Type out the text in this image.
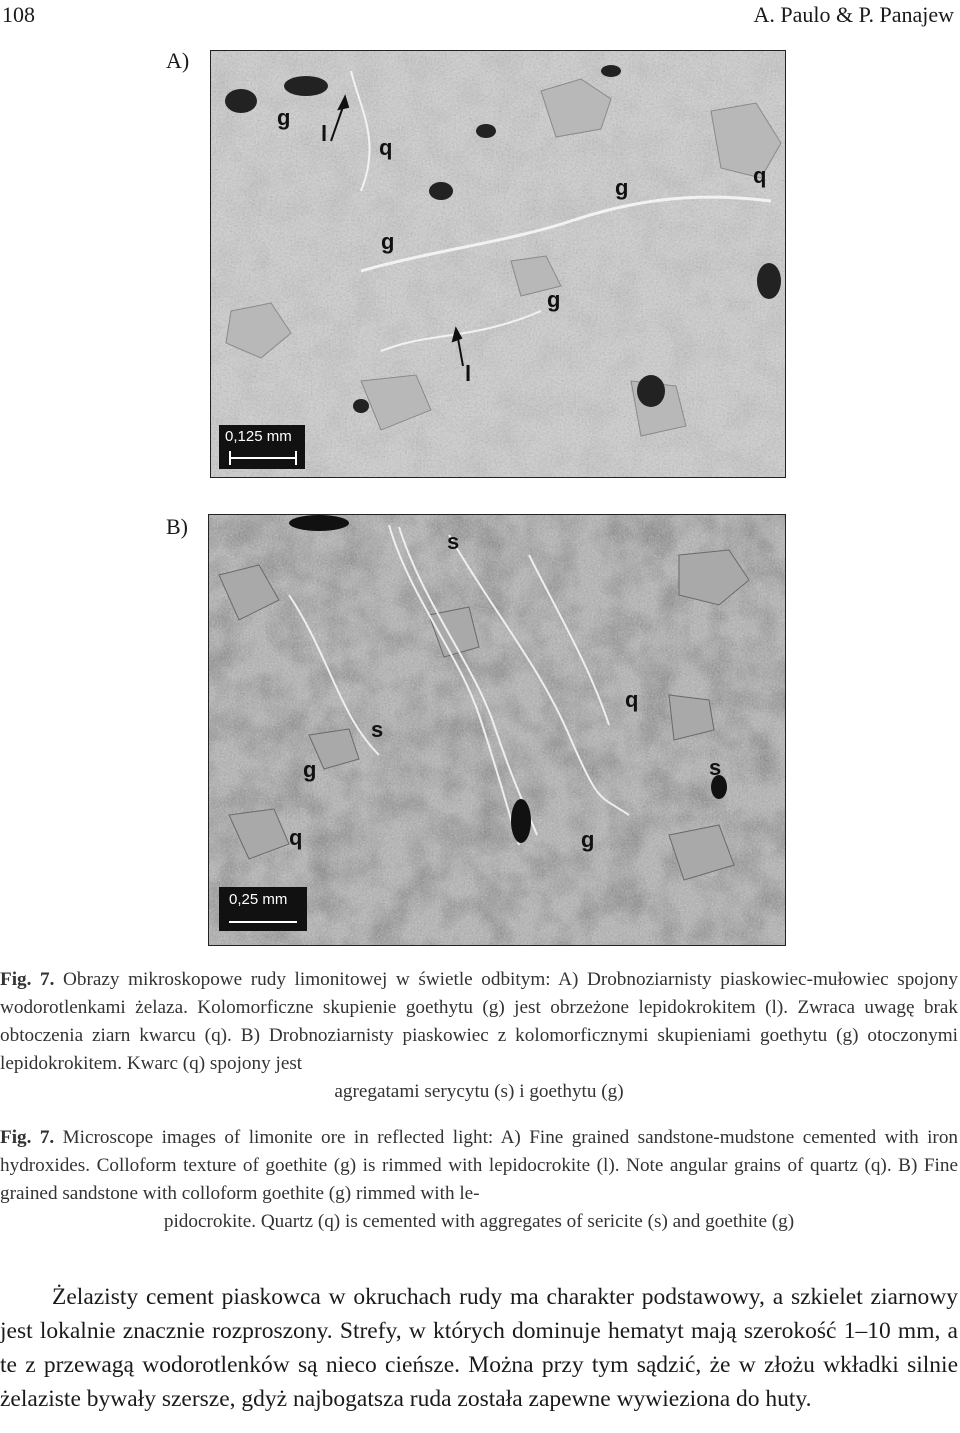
108	A. Paulo & P. Panajew
A)
g
l
q
g	q
g
g
l
0,125 mm
B)
s
q
s
g	s
q	g
0,25 mm
Fig. 7. Obrazy mikroskopowe rudy limonitowej w świetle odbitym: A) Drobnoziarnisty piaskowiec-mułowiec spojony wodorotlenkami żelaza. Kolomorficzne skupienie goethytu (g) jest obrzeżone lepidokrokitem (l). Zwraca uwagę brak obtoczenia ziarn kwarcu (q). B) Drobnoziarnisty piaskowiec z kolomorficznymi skupieniami goethytu (g) otoczonymi lepidokrokitem. Kwarc (q) spojony jest
agregatami serycytu (s) i goethytu (g)
Fig. 7. Microscope images of limonite ore in reflected light: A) Fine grained sandstone-mudstone cemented with iron hydroxides. Colloform texture of goethite (g) is rimmed with lepidocrokite (l). Note angular grains of quartz (q). B) Fine grained sandstone with colloform goethite (g) rimmed with le-
pidocrokite. Quartz (q) is cemented with aggregates of sericite (s) and goethite (g)
Żelazisty cement piaskowca w okruchach rudy ma charakter podstawowy, a szkielet ziarnowy jest lokalnie znacznie rozproszony. Strefy, w których dominuje hematyt mają szerokość 1–10 mm, a te z przewagą wodorotlenków są nieco cieńsze. Można przy tym sądzić, że w złożu wkładki silnie żelaziste bywały szersze, gdyż najbogatsza ruda została zapewne wywieziona do huty.
